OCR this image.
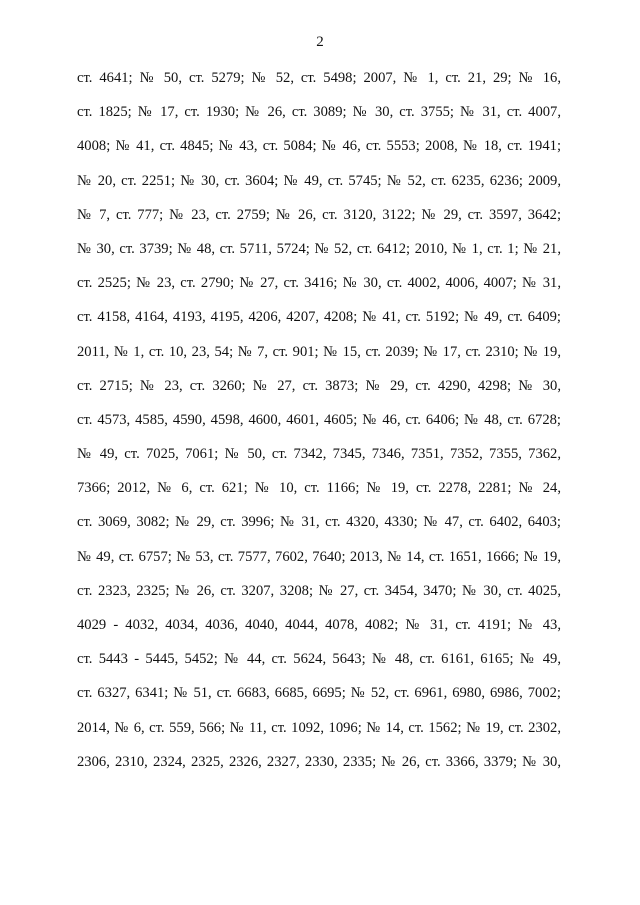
2
ст. 4641; № 50, ст. 5279; № 52, ст. 5498; 2007, № 1, ст. 21, 29; № 16,
ст. 1825; № 17, ст. 1930; № 26, ст. 3089; № 30, ст. 3755; № 31, ст. 4007,
4008; № 41, ст. 4845; № 43, ст. 5084; № 46, ст. 5553; 2008, № 18, ст. 1941;
№ 20, ст. 2251; № 30, ст. 3604; № 49, ст. 5745; № 52, ст. 6235, 6236; 2009,
№ 7, ст. 777; № 23, ст. 2759; № 26, ст. 3120, 3122; № 29, ст. 3597, 3642;
№ 30, ст. 3739; № 48, ст. 5711, 5724; № 52, ст. 6412; 2010, № 1, ст. 1; № 21,
ст. 2525; № 23, ст. 2790; № 27, ст. 3416; № 30, ст. 4002, 4006, 4007; № 31,
ст. 4158, 4164, 4193, 4195, 4206, 4207, 4208; № 41, ст. 5192; № 49, ст. 6409;
2011, № 1, ст. 10, 23, 54; № 7, ст. 901; № 15, ст. 2039; № 17, ст. 2310; № 19,
ст. 2715; № 23, ст. 3260; № 27, ст. 3873; № 29, ст. 4290, 4298; № 30,
ст. 4573, 4585, 4590, 4598, 4600, 4601, 4605; № 46, ст. 6406; № 48, ст. 6728;
№ 49, ст. 7025, 7061; № 50, ст. 7342, 7345, 7346, 7351, 7352, 7355, 7362,
7366; 2012, № 6, ст. 621; № 10, ст. 1166; № 19, ст. 2278, 2281; № 24,
ст. 3069, 3082; № 29, ст. 3996; № 31, ст. 4320, 4330; № 47, ст. 6402, 6403;
№ 49, ст. 6757; № 53, ст. 7577, 7602, 7640; 2013, № 14, ст. 1651, 1666; № 19,
ст. 2323, 2325; № 26, ст. 3207, 3208; № 27, ст. 3454, 3470; № 30, ст. 4025,
4029 - 4032, 4034, 4036, 4040, 4044, 4078, 4082; № 31, ст. 4191; № 43,
ст. 5443 - 5445, 5452; № 44, ст. 5624, 5643; № 48, ст. 6161, 6165; № 49,
ст. 6327, 6341; № 51, ст. 6683, 6685, 6695; № 52, ст. 6961, 6980, 6986, 7002;
2014, № 6, ст. 559, 566; № 11, ст. 1092, 1096; № 14, ст. 1562; № 19, ст. 2302,
2306, 2310, 2324, 2325, 2326, 2327, 2330, 2335; № 26, ст. 3366, 3379; № 30,
